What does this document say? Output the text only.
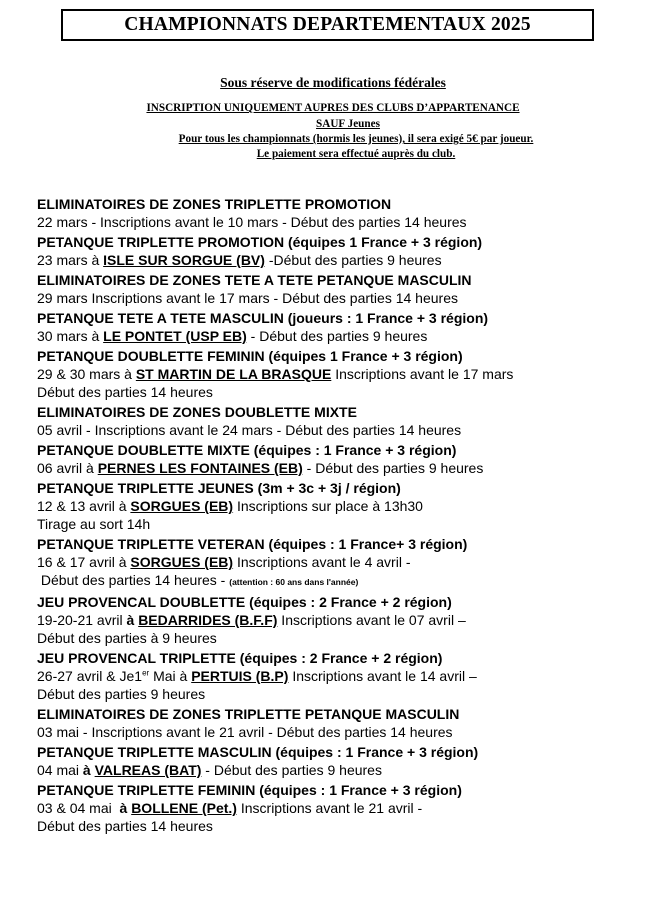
CHAMPIONNATS DEPARTEMENTAUX 2025
Sous réserve de modifications fédérales
INSCRIPTION UNIQUEMENT AUPRES DES CLUBS D’APPARTENANCE
SAUF Jeunes
Pour tous les championnats (hormis les jeunes), il sera exigé 5€ par joueur.
Le paiement sera effectué auprès du club.
ELIMINATOIRES DE ZONES TRIPLETTE PROMOTION
22 mars - Inscriptions avant le 10 mars - Début des parties 14 heures
PETANQUE TRIPLETTE PROMOTION (équipes 1 France + 3 région)
23 mars à ISLE SUR SORGUE (BV) -Début des parties 9 heures
ELIMINATOIRES DE ZONES TETE A TETE PETANQUE MASCULIN
29 mars Inscriptions avant le 17 mars - Début des parties 14 heures
PETANQUE TETE A TETE MASCULIN (joueurs : 1 France + 3 région)
30 mars à LE PONTET (USP EB) - Début des parties 9 heures
PETANQUE DOUBLETTE FEMININ (équipes 1 France + 3 région)
29 & 30 mars à ST MARTIN DE LA BRASQUE Inscriptions avant le 17 mars
Début des parties 14 heures
ELIMINATOIRES DE ZONES DOUBLETTE MIXTE
05 avril - Inscriptions avant le 24 mars - Début des parties 14 heures
PETANQUE DOUBLETTE MIXTE (équipes : 1 France + 3 région)
06 avril à PERNES LES FONTAINES (EB) - Début des parties 9 heures
PETANQUE TRIPLETTE JEUNES (3m + 3c + 3j / région)
12 & 13 avril à SORGUES (EB) Inscriptions sur place à 13h30
Tirage au sort 14h
PETANQUE TRIPLETTE VETERAN (équipes : 1 France+ 3 région)
16 & 17 avril à SORGUES (EB) Inscriptions avant le 4 avril -
Début des parties 14 heures - (attention : 60 ans dans l'année)
JEU PROVENCAL DOUBLETTE (équipes : 2 France + 2 région)
19-20-21 avril à BEDARRIDES (B.F.F) Inscriptions avant le 07 avril –
Début des parties à 9 heures
JEU PROVENCAL TRIPLETTE (équipes : 2 France + 2 région)
26-27 avril & Je1er Mai à PERTUIS (B.P) Inscriptions avant le 14 avril –
Début des parties 9 heures
ELIMINATOIRES DE ZONES TRIPLETTE PETANQUE MASCULIN
03 mai - Inscriptions avant le 21 avril - Début des parties 14 heures
PETANQUE TRIPLETTE MASCULIN (équipes : 1 France + 3 région)
04 mai à VALREAS (BAT) - Début des parties 9 heures
PETANQUE TRIPLETTE FEMININ (équipes : 1 France + 3 région)
03 & 04 mai  à BOLLENE (Pet.) Inscriptions avant le 21 avril -
Début des parties 14 heures
